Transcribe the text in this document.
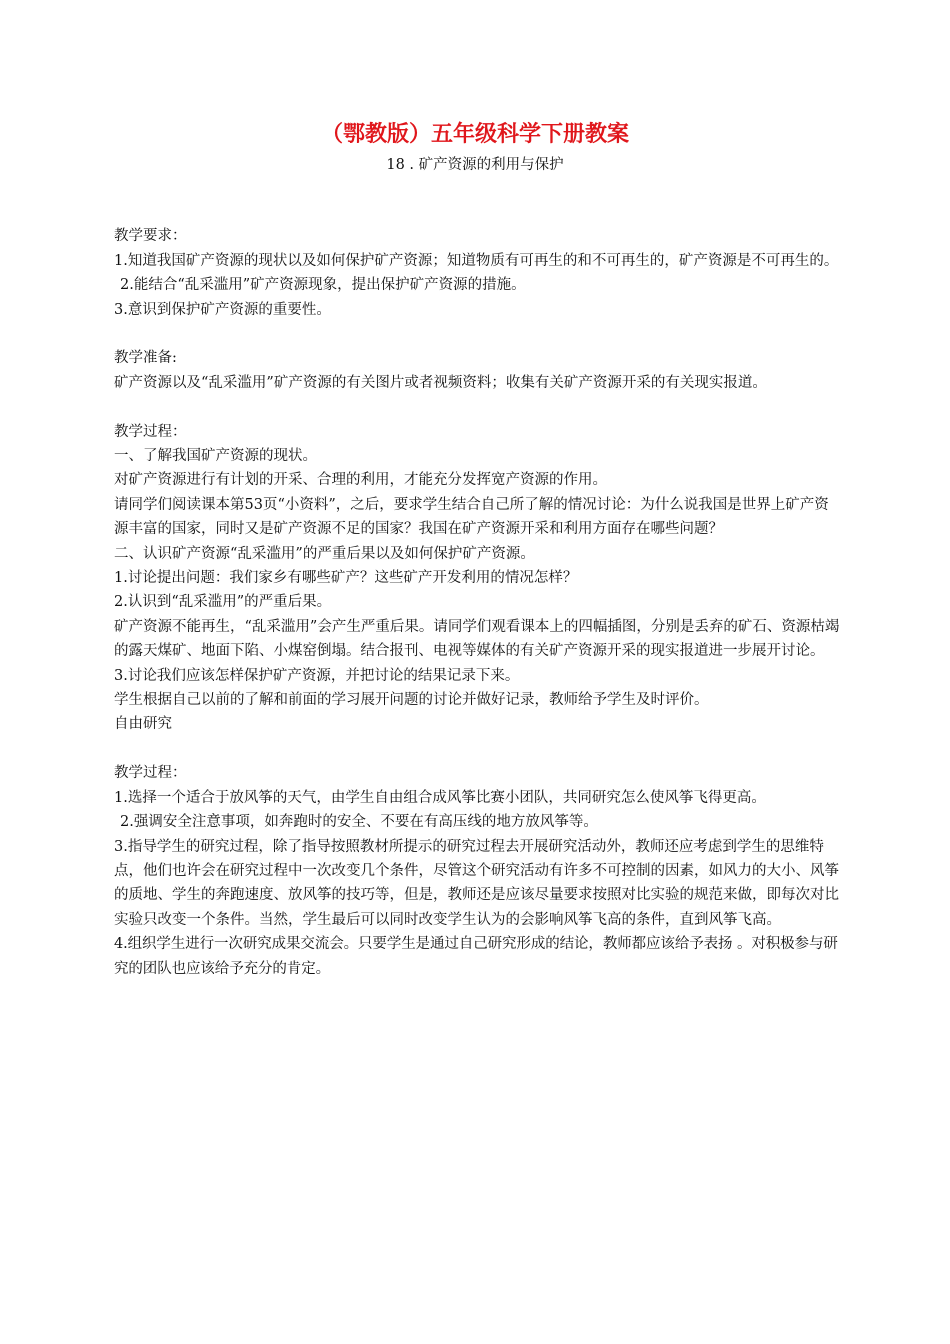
（鄂教版）五年级科学下册教案
18 . 矿产资源的利用与保护

教学要求：

1.知道我国矿产资源的现状以及如何保护矿产资源；知道物质有可再生的和不可再生的，矿产资源是不可再生的。

2.能结合“乱采滥用”矿产资源现象，提出保护矿产资源的措施。

3.意识到保护矿产资源的重要性。

教学准备:

矿产资源以及“乱采滥用”矿产资源的有关图片或者视频资料；收集有关矿产资源开采的有关现实报道。

教学过程：

一、了解我国矿产资源的现状。

对矿产资源进行有计划的开采、合理的利用，才能充分发挥宽产资源的作用。

请同学们阅读课本第53页“小资料”，之后，要求学生结合自己所了解的情况讨论：为什么说我国是世界上矿产资源丰富的国家，同时又是矿产资源不足的国家？我国在矿产资源开采和利用方面存在哪些问题？

二、认识矿产资源“乱采滥用”的严重后果以及如何保护矿产资源。

1.讨论提出问题：我们家乡有哪些矿产？这些矿产开发利用的情况怎样？

2.认识到“乱采滥用”的严重后果。

矿产资源不能再生，“乱采滥用”会产生严重后果。请同学们观看课本上的四幅插图，分别是丢弃的矿石、资源枯竭的露天煤矿、地面下陷、小煤窑倒塌。结合报刊、电视等媒体的有关矿产资源开采的现实报道进一步展开讨论。

3.讨论我们应该怎样保护矿产资源，并把讨论的结果记录下来。

学生根据自己以前的了解和前面的学习展开问题的讨论并做好记录，教师给予学生及时评价。

自由研究

教学过程：

1.选择一个适合于放风筝的天气，由学生自由组合成风筝比赛小团队，共同研究怎么使风筝飞得更高。

2.强调安全注意事项，如奔跑时的安全、不要在有高压线的地方放风筝等。

3.指导学生的研究过程，除了指导按照教材所提示的研究过程去开展研究活动外，教师还应考虑到学生的思维特点，他们也许会在研究过程中一次改变几个条件，尽管这个研究活动有许多不可控制的因素，如风力的大小、风筝的质地、学生的奔跑速度、放风筝的技巧等，但是，教师还是应该尽量要求按照对比实验的规范来做，即每次对比实验只改变一个条件。当然，学生最后可以同时改变学生认为的会影响风筝飞高的条件，直到风筝飞高。

4.组织学生进行一次研究成果交流会。只要学生是通过自己研究形成的结论，教师都应该给予表扬 。对积极参与研究的团队也应该给予充分的肯定。
